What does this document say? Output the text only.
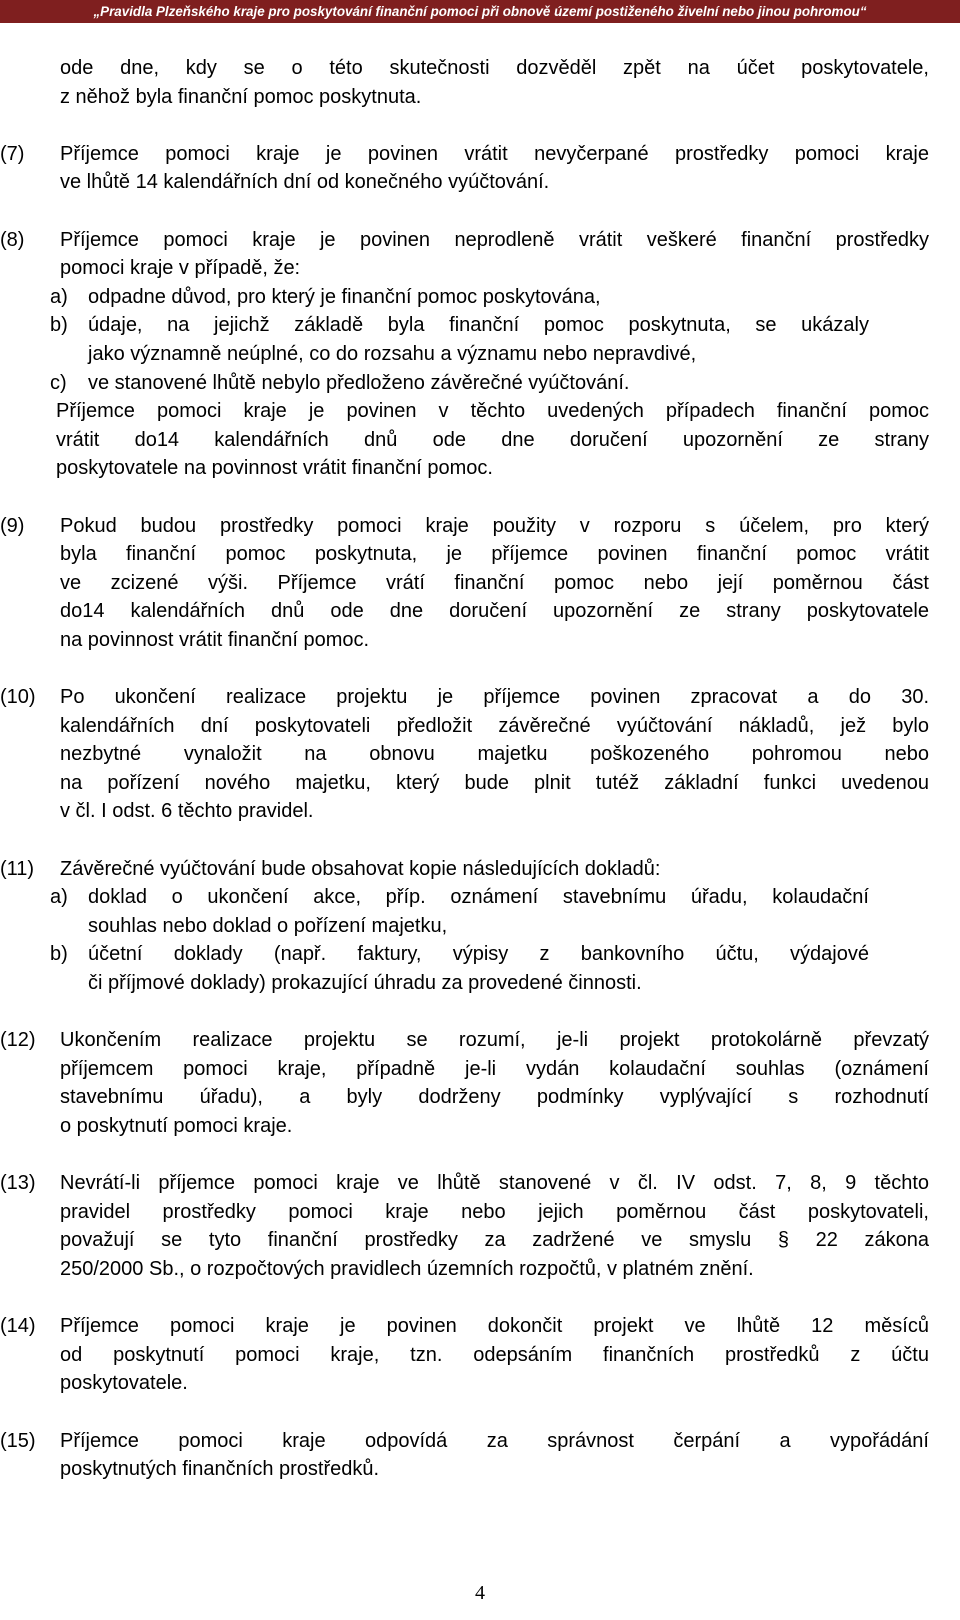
„Pravidla Plzeňského kraje pro poskytování finanční pomoci při obnově území postiženého živelní nebo jinou pohromou“
ode dne, kdy se o této skutečnosti dozvěděl zpět na účet poskytovatele,
z něhož byla finanční pomoc poskytnuta.
(7) Příjemce pomoci kraje je povinen vrátit nevyčerpané prostředky pomoci kraje
ve lhůtě 14 kalendářních dní od konečného vyúčtování.
(8) Příjemce pomoci kraje je povinen neprodleně vrátit veškeré finanční prostředky
pomoci kraje v případě, že:
a) odpadne důvod, pro který je finanční pomoc poskytována,
b) údaje, na jejichž základě byla finanční pomoc poskytnuta, se ukázaly
jako významně neúplné, co do rozsahu a významu nebo nepravdivé,
c) ve stanovené lhůtě nebylo předloženo závěrečné vyúčtování.
Příjemce pomoci kraje je povinen v těchto uvedených případech finanční pomoc
vrátit do14 kalendářních dnů ode dne doručení upozornění ze strany
poskytovatele na povinnost vrátit finanční pomoc.
(9) Pokud budou prostředky pomoci kraje použity v rozporu s účelem, pro který
byla finanční pomoc poskytnuta, je příjemce povinen finanční pomoc vrátit
ve zcizené výši. Příjemce vrátí finanční pomoc nebo její poměrnou část
do14 kalendářních dnů ode dne doručení upozornění ze strany poskytovatele
na povinnost vrátit finanční pomoc.
(10) Po ukončení realizace projektu je příjemce povinen zpracovat a do 30.
kalendářních dní poskytovateli předložit závěrečné vyúčtování nákladů, jež bylo
nezbytné vynaložit na obnovu majetku poškozeného pohromou nebo
na pořízení nového majetku, který bude plnit tutéž základní funkci uvedenou
v čl. I odst. 6 těchto pravidel.
(11) Závěrečné vyúčtování bude obsahovat kopie následujících dokladů:
a) doklad o ukončení akce, příp. oznámení stavebnímu úřadu, kolaudační
souhlas nebo doklad o pořízení majetku,
b) účetní doklady (např. faktury, výpisy z bankovního účtu, výdajové
či příjmové doklady) prokazující úhradu za provedené činnosti.
(12) Ukončením realizace projektu se rozumí, je-li projekt protokolárně převzatý
příjemcem pomoci kraje, případně je-li vydán kolaudační souhlas (oznámení
stavebnímu úřadu), a byly dodrženy podmínky vyplývající s rozhodnutí
o poskytnutí pomoci kraje.
(13) Nevrátí-li příjemce pomoci kraje ve lhůtě stanovené v čl. IV odst. 7, 8, 9 těchto
pravidel prostředky pomoci kraje nebo jejich poměrnou část poskytovateli,
považují se tyto finanční prostředky za zadržené ve smyslu § 22 zákona
250/2000 Sb., o rozpočtových pravidlech územních rozpočtů, v platném znění.
(14) Příjemce pomoci kraje je povinen dokončit projekt ve lhůtě 12 měsíců
od poskytnutí pomoci kraje, tzn. odepsáním finančních prostředků z účtu
poskytovatele.
(15) Příjemce pomoci kraje odpovídá za správnost čerpání a vypořádání
poskytnutých finančních prostředků.
4
